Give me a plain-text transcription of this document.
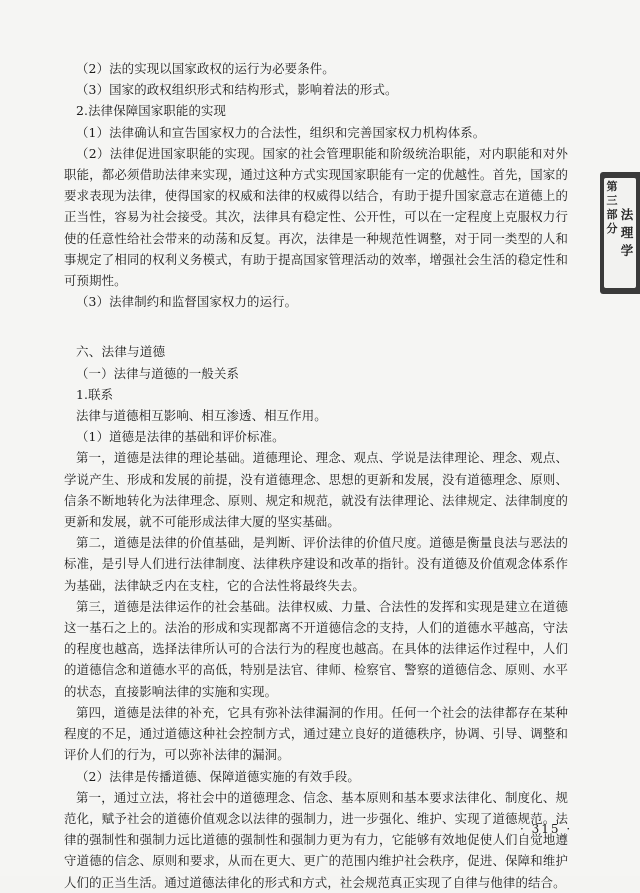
（2）法的实现以国家政权的运行为必要条件。

（3）国家的政权组织形式和结构形式，影响着法的形式。

2.法律保障国家职能的实现

（1）法律确认和宣告国家权力的合法性，组织和完善国家权力机构体系。

（2）法律促进国家职能的实现。国家的社会管理职能和阶级统治职能，对内职能和对外职能，都必须借助法律来实现，通过这种方式实现国家职能有一定的优越性。首先，国家的要求表现为法律，使得国家的权威和法律的权威得以结合，有助于提升国家意志在道德上的正当性，容易为社会接受。其次，法律具有稳定性、公开性，可以在一定程度上克服权力行使的任意性给社会带来的动荡和反复。再次，法律是一种规范性调整，对于同一类型的人和事规定了相同的权利义务模式，有助于提高国家管理活动的效率，增强社会生活的稳定性和可预期性。

（3）法律制约和监督国家权力的运行。

六、法律与道德

（一）法律与道德的一般关系

1.联系

法律与道德相互影响、相互渗透、相互作用。

（1）道德是法律的基础和评价标准。

第一，道德是法律的理论基础。道德理论、理念、观点、学说是法律理论、理念、观点、学说产生、形成和发展的前提，没有道德理念、思想的更新和发展，没有道德理念、原则、信条不断地转化为法律理念、原则、规定和规范，就没有法律理论、法律规定、法律制度的更新和发展，就不可能形成法律大厦的坚实基础。

第二，道德是法律的价值基础，是判断、评价法律的价值尺度。道德是衡量良法与恶法的标准，是引导人们进行法律制度、法律秩序建设和改革的指针。没有道德及价值观念体系作为基础，法律缺乏内在支柱，它的合法性将最终失去。

第三，道德是法律运作的社会基础。法律权威、力量、合法性的发挥和实现是建立在道德这一基石之上的。法治的形成和实现都离不开道德信念的支持，人们的道德水平越高，守法的程度也越高，选择法律所认可的合法行为的程度也越高。在具体的法律运作过程中，人们的道德信念和道德水平的高低，特别是法官、律师、检察官、警察的道德信念、原则、水平的状态，直接影响法律的实施和实现。

第四，道德是法律的补充，它具有弥补法律漏洞的作用。任何一个社会的法律都存在某种程度的不足，通过道德这种社会控制方式，通过建立良好的道德秩序，协调、引导、调整和评价人们的行为，可以弥补法律的漏洞。

（2）法律是传播道德、保障道德实施的有效手段。

第一，通过立法，将社会中的道德理念、信念、基本原则和基本要求法律化、制度化、规范化，赋予社会的道德价值观念以法律的强制力，进一步强化、维护、实现了道德规范。法律的强制性和强制力远比道德的强制性和强制力更为有力，它能够有效地促使人们自觉地遵守道德的信念、原则和要求，从而在更大、更广的范围内维护社会秩序，促进、保障和维护人们的正当生活。通过道德法律化的形式和方式，社会规范真正实现了自律与他律的结合。

第
三
部
分
法
理
学
· 315 ·
